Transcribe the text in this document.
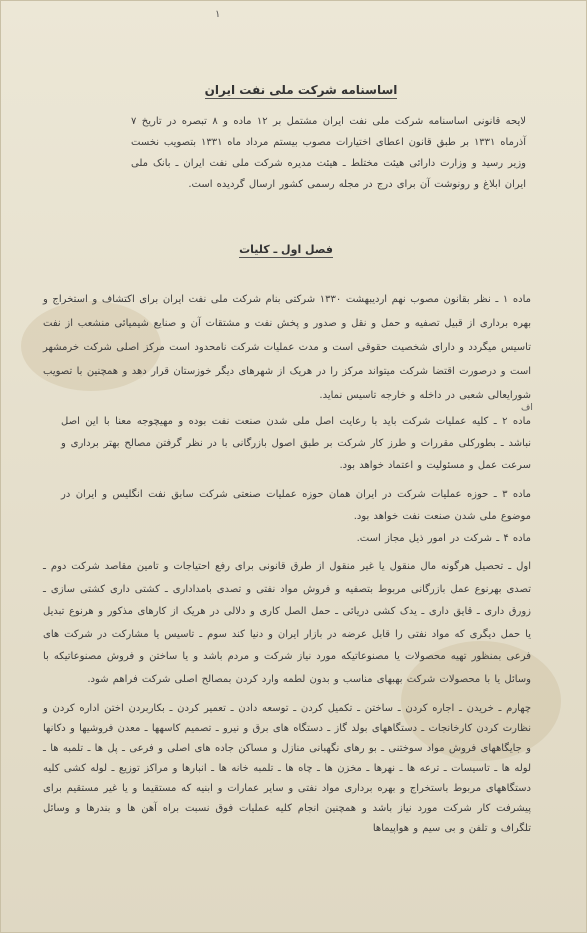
۱
اساسنامه شرکت ملی نفت ایران
لایحه قانونی اساسنامه شرکت ملی نفت ایران مشتمل بر ۱۲ ماده و ۸ تبصره در تاریخ ۷ آذرماه ۱۳۳۱ بر طبق قانون اعطای اختیارات مصوب بیستم مرداد ماه ۱۳۳۱ بتصویب نخست وزیر رسید و وزارت دارائی هیئت مختلط ـ هیئت مدیره شرکت ملی نفت ایران ـ بانک ملی ایران ابلاغ و رونوشت آن برای درج در مجله رسمی کشور ارسال گردیده است.
فصل اول ـ کلیات
ماده ۱ ـ نظر بقانون مصوب نهم اردیبهشت ۱۳۳۰ شرکتی بنام شرکت ملی نفت ایران برای اکتشاف و استخراج و بهره برداری از قبیل تصفیه و حمل و نقل و صدور و پخش نفت و مشتقات آن و صنایع شیمیائی منشعب از نفت تاسیس میگردد و دارای شخصیت حقوقی است و مدت عملیات شرکت نامحدود است مرکز اصلی شرکت خرمشهر است و درصورت اقتضا شرکت میتواند مرکز را در هریک از شهرهای دیگر خوزستان قرار دهد و همچنین با تصویب شورایعالی شعبی در داخله و خارجه تاسیس نماید.
اف
ماده ۲ ـ کلیه عملیات شرکت باید با رعایت اصل ملی شدن صنعت نفت بوده و مهیچوجه معنا با این اصل نباشد ـ بطورکلی مقررات و طرز کار شرکت بر طبق اصول بازرگانی با در نظر گرفتن مصالح بهتر برداری و سرعت عمل و مسئولیت و اعتماد خواهد بود.
ماده ۳ ـ حوزه عملیات شرکت در ایران همان حوزه عملیات صنعتی شرکت سابق نفت انگلیس و ایران در موضوع ملی شدن صنعت نفت خواهد بود.
ماده ۴ ـ شرکت در امور ذیل مجاز است.
اول ـ تحصیل هرگونه مال منقول یا غیر منقول از طرق قانونی برای رفع احتیاجات و تامین مقاصد شرکت دوم ـ تصدی بهرنوع عمل بازرگانی مربوط بتصفیه و فروش مواد نفتی و تصدی بامداداری ـ کشتی داری کشتی سازی ـ زورق داری ـ قایق داری ـ یدک کشی دریائی ـ حمل الصل کاری و دلالی در هریک از کارهای مذکور و هرنوع تبدیل یا حمل دیگری که مواد نفتی را قابل عرضه در بازار ایران و دنیا کند سوم ـ تاسیس یا مشارکت در شرکت های فرعی بمنظور تهیه محصولات یا مصنوعاتیکه مورد نیاز شرکت و مردم باشد و یا ساختن و فروش مصنوعاتیکه با وسائل یا با محصولات شرکت بهبهای مناسب و بدون لطمه وارد کردن بمصالح اصلی شرکت فراهم شود.
چهارم ـ خریدن ـ اجاره کردن ـ ساختن ـ تکمیل کردن ـ توسعه دادن ـ تعمیر کردن ـ بکاربردن اختن اداره کردن و نظارت کردن کارخانجات ـ دستگاههای بولد گاز ـ دستگاه های برق و نیرو ـ تصمیم کاسهها ـ معدن فروشیها و دکانها و جایگاههای فروش مواد سوختنی ـ بو رهای نگهبانی منازل و مساکن جاده های اصلی و فرعی ـ پل ها ـ تلمبه ها ـ لوله ها ـ تاسیسات ـ ترعه ها ـ نهرها ـ مخزن ها ـ چاه ها ـ تلمبه خانه ها ـ انبارها و مراکز توزیع ـ لوله کشی کلیه دستگاههای مربوط باستخراج و بهره برداری مواد نفتی و سایر عمارات و ابنیه که مستقیما و یا غیر مستقیم برای پیشرفت کار شرکت مورد نیاز باشد و همچنین انجام کلیه عملیات فوق نسبت براه آهن ها و بندرها و وسائل تلگراف و تلفن و بی سیم و هواپیماها
